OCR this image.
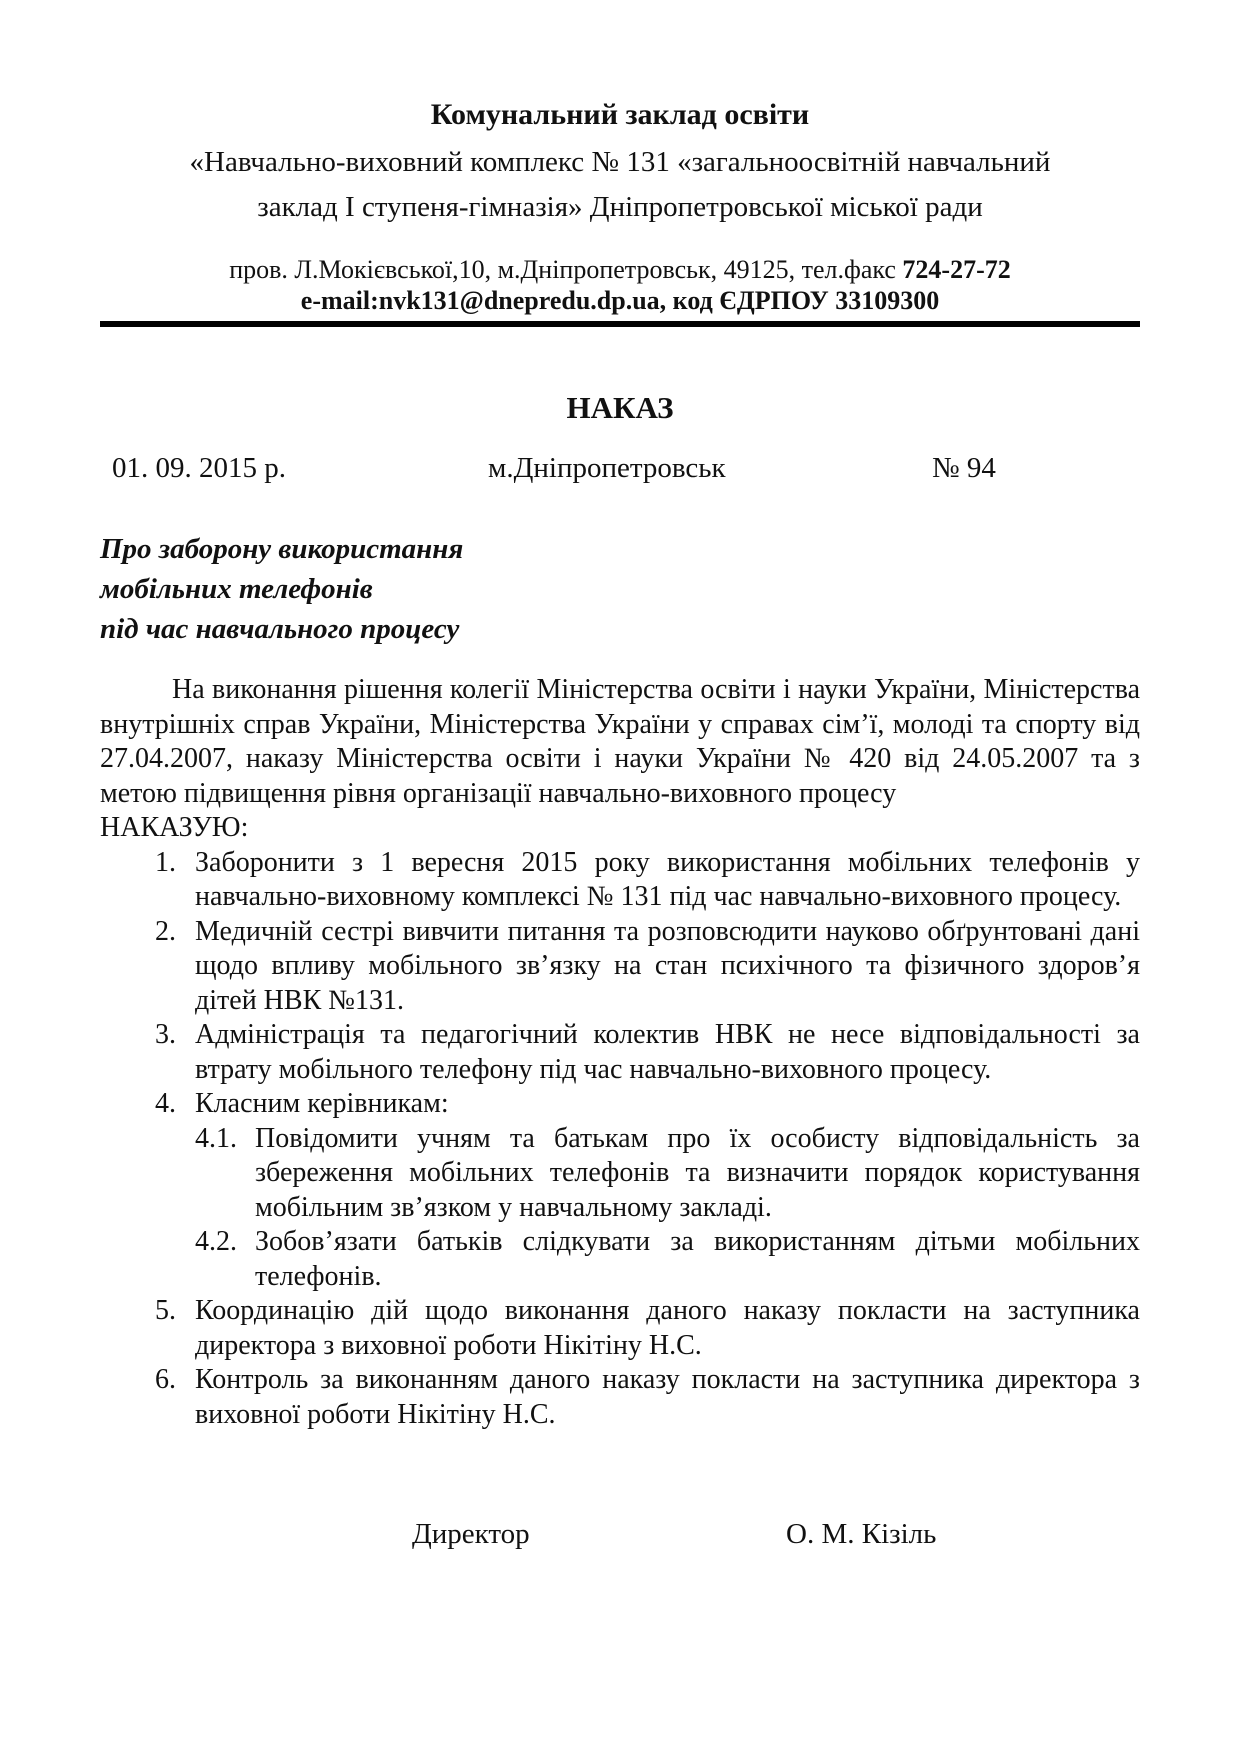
Комунальний заклад освіти
«Навчально-виховний комплекс № 131 «загальноосвітній навчальний
заклад І ступеня-гімназія» Дніпропетровської міської ради
пров. Л.Мокієвської,10, м.Дніпропетровськ, 49125, тел.факс 724-27-72
e-mail:nvk131@dnepredu.dp.ua, код ЄДРПОУ 33109300
НАКАЗ
01. 09. 2015 р.	м.Дніпропетровськ	№ 94
Про заборону використання
мобільних телефонів
під час навчального процесу
На виконання рішення колегії Міністерства освіти і науки України, Міністерства внутрішніх справ України, Міністерства України у справах сім’ї, молоді та спорту від 27.04.2007, наказу Міністерства освіти і науки України № 420 від 24.05.2007 та з метою підвищення рівня організації навчально-виховного процесу
НАКАЗУЮ:
1. Заборонити з 1 вересня 2015 року використання мобільних телефонів у навчально-виховному комплексі № 131 під час навчально-виховного процесу.
2. Медичній сестрі вивчити питання та розповсюдити науково обґрунтовані дані щодо впливу мобільного зв’язку на стан психічного та фізичного здоров’я дітей НВК №131.
3. Адміністрація та педагогічний колектив НВК не несе відповідальності за втрату мобільного телефону під час навчально-виховного процесу.
4. Класним керівникам:
4.1. Повідомити учням та батькам про їх особисту відповідальність за збереження мобільних телефонів та визначити порядок користування мобільним зв’язком у навчальному закладі.
4.2. Зобов’язати батьків слідкувати за використанням дітьми мобільних телефонів.
5. Координацію дій щодо виконання даного наказу покласти на заступника директора з виховної роботи Нікітіну Н.С.
6. Контроль за виконанням даного наказу покласти на заступника директора з виховної роботи Нікітіну Н.С.
Директор	О. М. Кізіль
